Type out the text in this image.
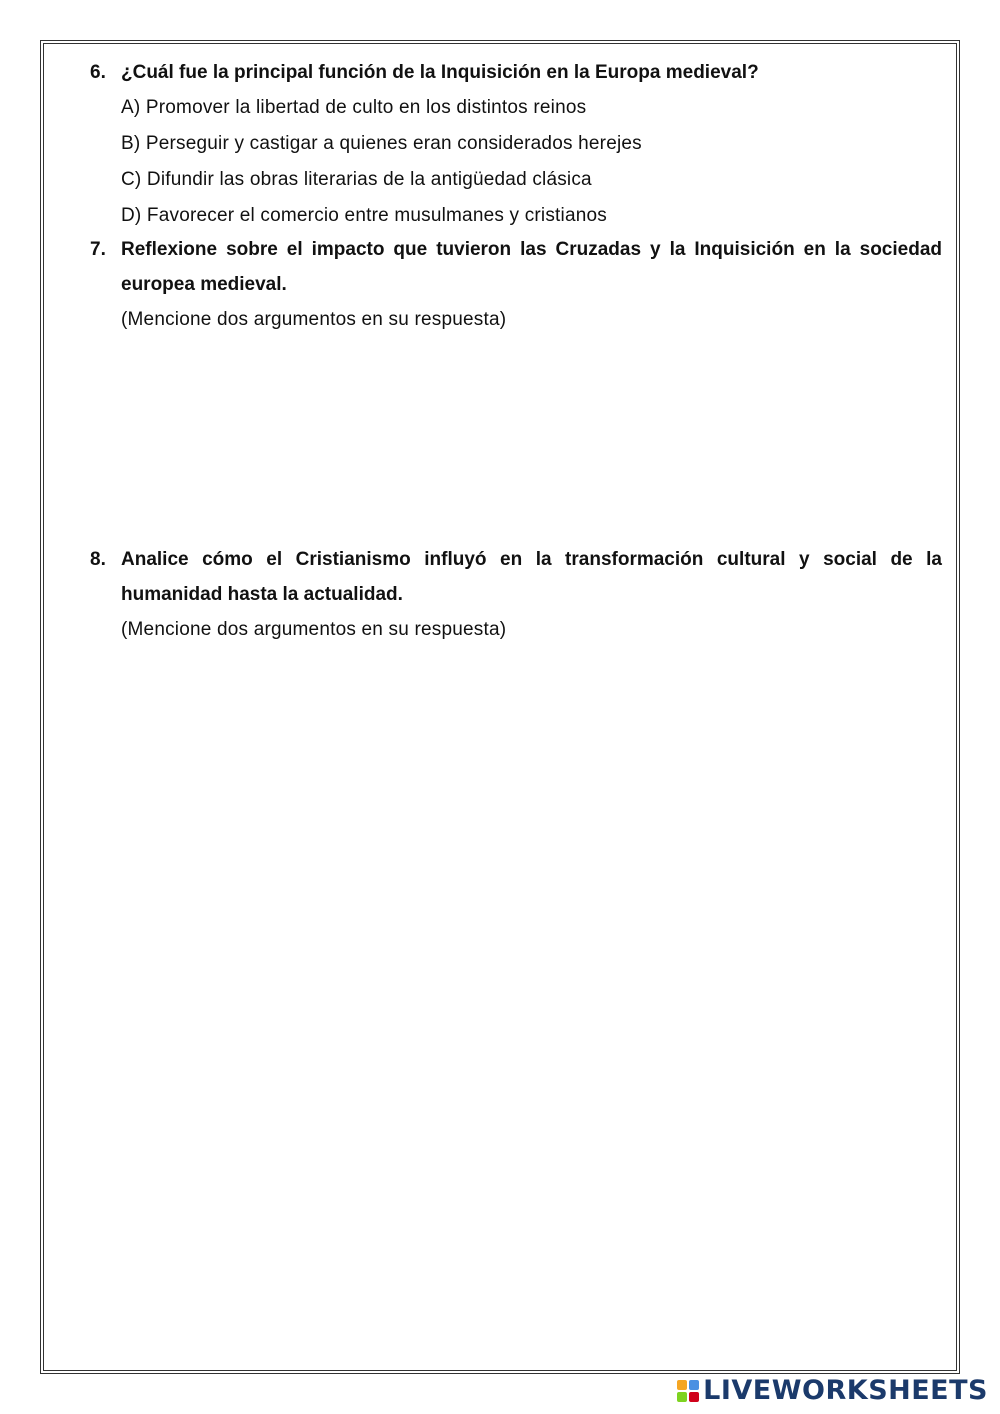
6. ¿Cuál fue la principal función de la Inquisición en la Europa medieval?
A) Promover la libertad de culto en los distintos reinos
B) Perseguir y castigar a quienes eran considerados herejes
C) Difundir las obras literarias de la antigüedad clásica
D) Favorecer el comercio entre musulmanes y cristianos
7. Reflexione sobre el impacto que tuvieron las Cruzadas y la Inquisición en la sociedad europea medieval.
(Mencione dos argumentos en su respuesta)
8. Analice cómo el Cristianismo influyó en la transformación cultural y social de la humanidad hasta la actualidad.
(Mencione dos argumentos en su respuesta)
LIVEWORKSHEETS
